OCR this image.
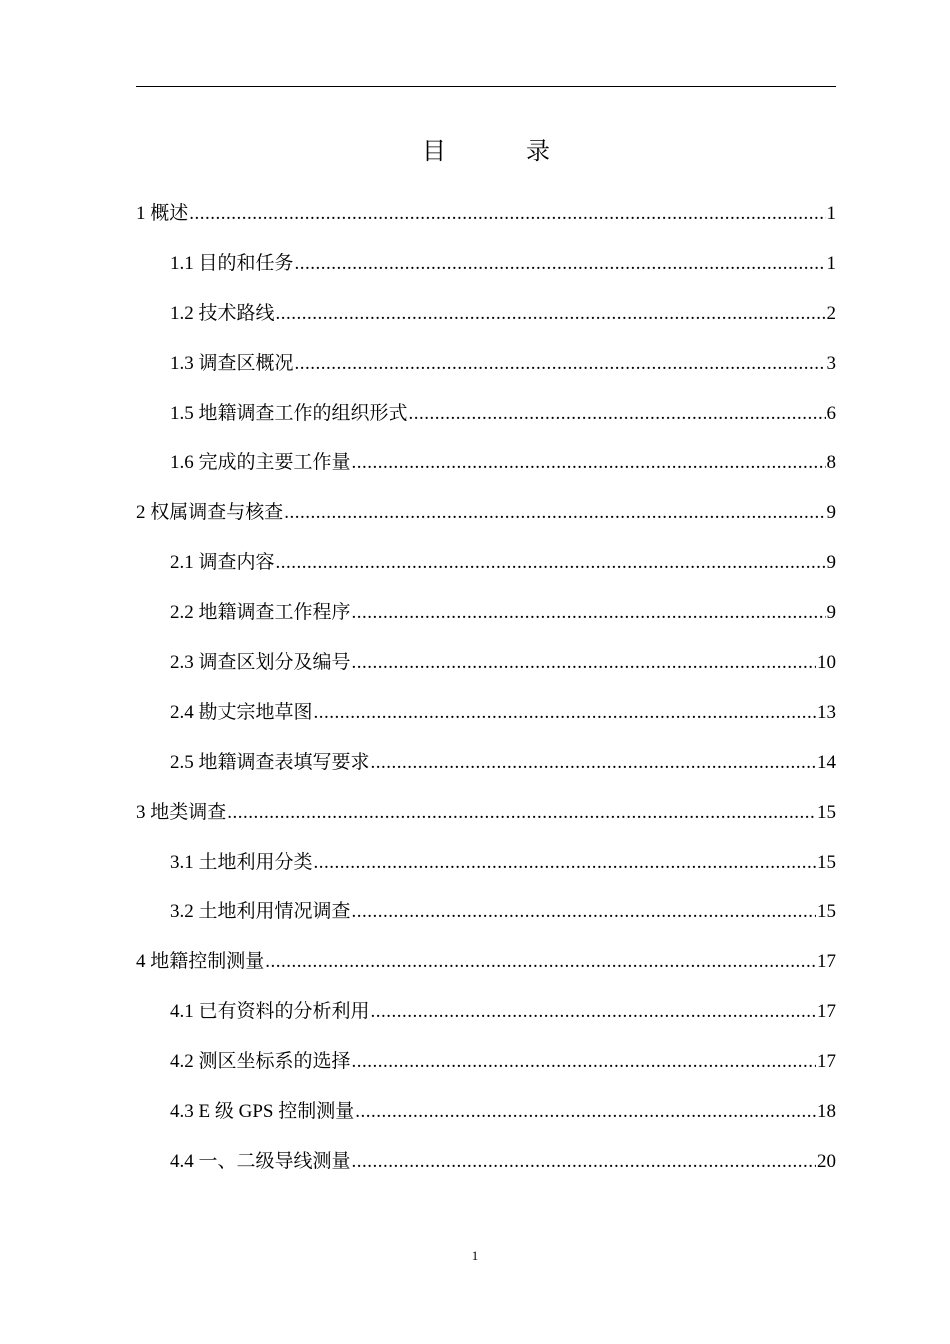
目	录
1 概述 .....	1
1.1 目的和任务 .....	1
1.2 技术路线 .....	2
1.3 调查区概况 .....	3
1.5 地籍调查工作的组织形式 .....	6
1.6 完成的主要工作量 .....	8
2 权属调查与核查 .....	9
2.1 调查内容 .....	9
2.2 地籍调查工作程序 .....	9
2.3 调查区划分及编号 .....	10
2.4 勘丈宗地草图 .....	13
2.5 地籍调查表填写要求 .....	14
3 地类调查 .....	15
3.1 土地利用分类 .....	15
3.2 土地利用情况调查 .....	15
4 地籍控制测量 .....	17
4.1 已有资料的分析利用 .....	17
4.2 测区坐标系的选择 .....	17
4.3 E 级 GPS 控制测量 .....	18
4.4 一、二级导线测量 .....	20
1
